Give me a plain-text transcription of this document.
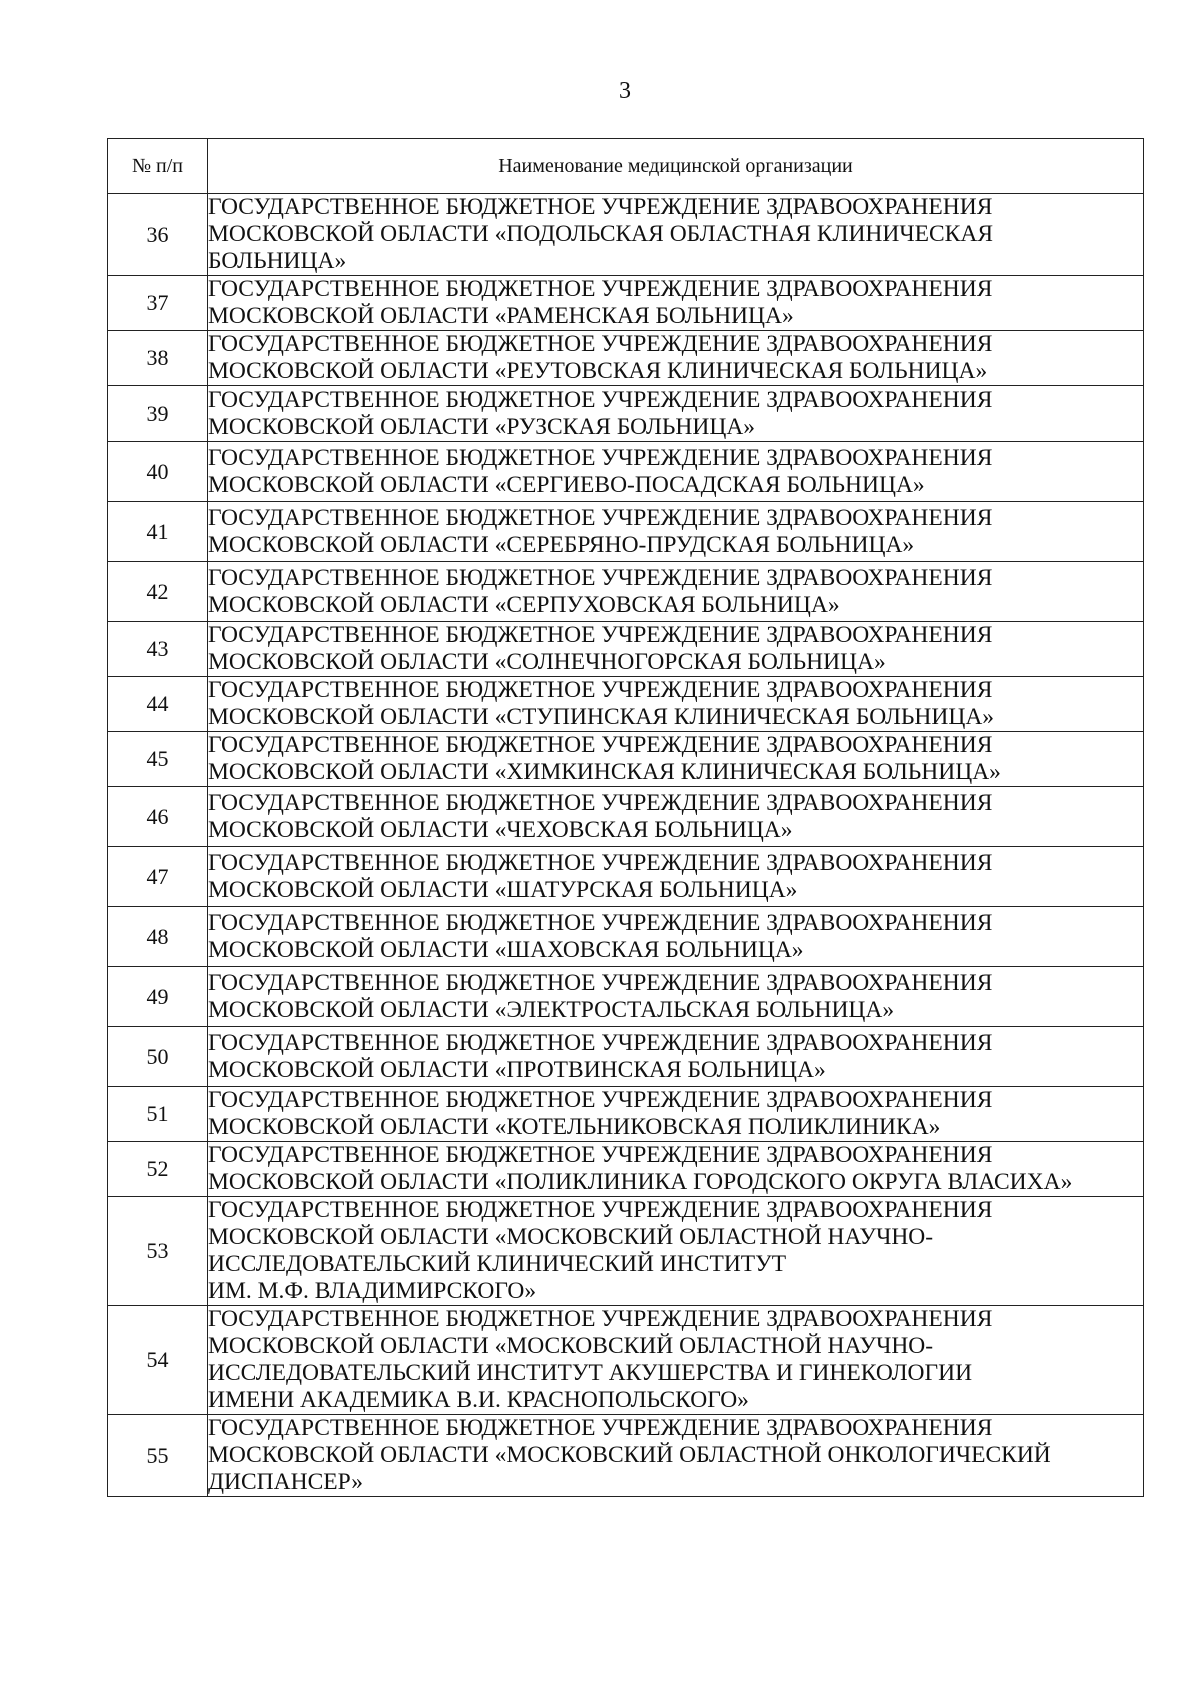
3
№ п/п	Наименование медицинской организации
36	ГОСУДАРСТВЕННОЕ БЮДЖЕТНОЕ УЧРЕЖДЕНИЕ ЗДРАВООХРАНЕНИЯ
МОСКОВСКОЙ ОБЛАСТИ «ПОДОЛЬСКАЯ ОБЛАСТНАЯ КЛИНИЧЕСКАЯ
БОЛЬНИЦА»
37	ГОСУДАРСТВЕННОЕ БЮДЖЕТНОЕ УЧРЕЖДЕНИЕ ЗДРАВООХРАНЕНИЯ
МОСКОВСКОЙ ОБЛАСТИ «РАМЕНСКАЯ БОЛЬНИЦА»
38	ГОСУДАРСТВЕННОЕ БЮДЖЕТНОЕ УЧРЕЖДЕНИЕ ЗДРАВООХРАНЕНИЯ
МОСКОВСКОЙ ОБЛАСТИ «РЕУТОВСКАЯ КЛИНИЧЕСКАЯ БОЛЬНИЦА»
39	ГОСУДАРСТВЕННОЕ БЮДЖЕТНОЕ УЧРЕЖДЕНИЕ ЗДРАВООХРАНЕНИЯ
МОСКОВСКОЙ ОБЛАСТИ «РУЗСКАЯ БОЛЬНИЦА»
40	ГОСУДАРСТВЕННОЕ БЮДЖЕТНОЕ УЧРЕЖДЕНИЕ ЗДРАВООХРАНЕНИЯ
МОСКОВСКОЙ ОБЛАСТИ «СЕРГИЕВО-ПОСАДСКАЯ БОЛЬНИЦА»
41	ГОСУДАРСТВЕННОЕ БЮДЖЕТНОЕ УЧРЕЖДЕНИЕ ЗДРАВООХРАНЕНИЯ
МОСКОВСКОЙ ОБЛАСТИ «СЕРЕБРЯНО-ПРУДСКАЯ БОЛЬНИЦА»
42	ГОСУДАРСТВЕННОЕ БЮДЖЕТНОЕ УЧРЕЖДЕНИЕ ЗДРАВООХРАНЕНИЯ
МОСКОВСКОЙ ОБЛАСТИ «СЕРПУХОВСКАЯ БОЛЬНИЦА»
43	ГОСУДАРСТВЕННОЕ БЮДЖЕТНОЕ УЧРЕЖДЕНИЕ ЗДРАВООХРАНЕНИЯ
МОСКОВСКОЙ ОБЛАСТИ «СОЛНЕЧНОГОРСКАЯ БОЛЬНИЦА»
44	ГОСУДАРСТВЕННОЕ БЮДЖЕТНОЕ УЧРЕЖДЕНИЕ ЗДРАВООХРАНЕНИЯ
МОСКОВСКОЙ ОБЛАСТИ «СТУПИНСКАЯ КЛИНИЧЕСКАЯ БОЛЬНИЦА»
45	ГОСУДАРСТВЕННОЕ БЮДЖЕТНОЕ УЧРЕЖДЕНИЕ ЗДРАВООХРАНЕНИЯ
МОСКОВСКОЙ ОБЛАСТИ «ХИМКИНСКАЯ КЛИНИЧЕСКАЯ БОЛЬНИЦА»
46	ГОСУДАРСТВЕННОЕ БЮДЖЕТНОЕ УЧРЕЖДЕНИЕ ЗДРАВООХРАНЕНИЯ
МОСКОВСКОЙ ОБЛАСТИ «ЧЕХОВСКАЯ БОЛЬНИЦА»
47	ГОСУДАРСТВЕННОЕ БЮДЖЕТНОЕ УЧРЕЖДЕНИЕ ЗДРАВООХРАНЕНИЯ
МОСКОВСКОЙ ОБЛАСТИ «ШАТУРСКАЯ БОЛЬНИЦА»
48	ГОСУДАРСТВЕННОЕ БЮДЖЕТНОЕ УЧРЕЖДЕНИЕ ЗДРАВООХРАНЕНИЯ
МОСКОВСКОЙ ОБЛАСТИ «ШАХОВСКАЯ БОЛЬНИЦА»
49	ГОСУДАРСТВЕННОЕ БЮДЖЕТНОЕ УЧРЕЖДЕНИЕ ЗДРАВООХРАНЕНИЯ
МОСКОВСКОЙ ОБЛАСТИ «ЭЛЕКТРОСТАЛЬСКАЯ БОЛЬНИЦА»
50	ГОСУДАРСТВЕННОЕ БЮДЖЕТНОЕ УЧРЕЖДЕНИЕ ЗДРАВООХРАНЕНИЯ
МОСКОВСКОЙ ОБЛАСТИ «ПРОТВИНСКАЯ БОЛЬНИЦА»
51	ГОСУДАРСТВЕННОЕ БЮДЖЕТНОЕ УЧРЕЖДЕНИЕ ЗДРАВООХРАНЕНИЯ
МОСКОВСКОЙ ОБЛАСТИ «КОТЕЛЬНИКОВСКАЯ ПОЛИКЛИНИКА»
52	ГОСУДАРСТВЕННОЕ БЮДЖЕТНОЕ УЧРЕЖДЕНИЕ ЗДРАВООХРАНЕНИЯ
МОСКОВСКОЙ ОБЛАСТИ «ПОЛИКЛИНИКА ГОРОДСКОГО ОКРУГА ВЛАСИХА»
53	ГОСУДАРСТВЕННОЕ БЮДЖЕТНОЕ УЧРЕЖДЕНИЕ ЗДРАВООХРАНЕНИЯ
МОСКОВСКОЙ ОБЛАСТИ «МОСКОВСКИЙ ОБЛАСТНОЙ НАУЧНО-
ИССЛЕДОВАТЕЛЬСКИЙ КЛИНИЧЕСКИЙ ИНСТИТУТ
ИМ. М.Ф. ВЛАДИМИРСКОГО»
54	ГОСУДАРСТВЕННОЕ БЮДЖЕТНОЕ УЧРЕЖДЕНИЕ ЗДРАВООХРАНЕНИЯ
МОСКОВСКОЙ ОБЛАСТИ «МОСКОВСКИЙ ОБЛАСТНОЙ НАУЧНО-
ИССЛЕДОВАТЕЛЬСКИЙ ИНСТИТУТ АКУШЕРСТВА И ГИНЕКОЛОГИИ
ИМЕНИ АКАДЕМИКА В.И. КРАСНОПОЛЬСКОГО»
55	ГОСУДАРСТВЕННОЕ БЮДЖЕТНОЕ УЧРЕЖДЕНИЕ ЗДРАВООХРАНЕНИЯ
МОСКОВСКОЙ ОБЛАСТИ «МОСКОВСКИЙ ОБЛАСТНОЙ ОНКОЛОГИЧЕСКИЙ
ДИСПАНСЕР»
